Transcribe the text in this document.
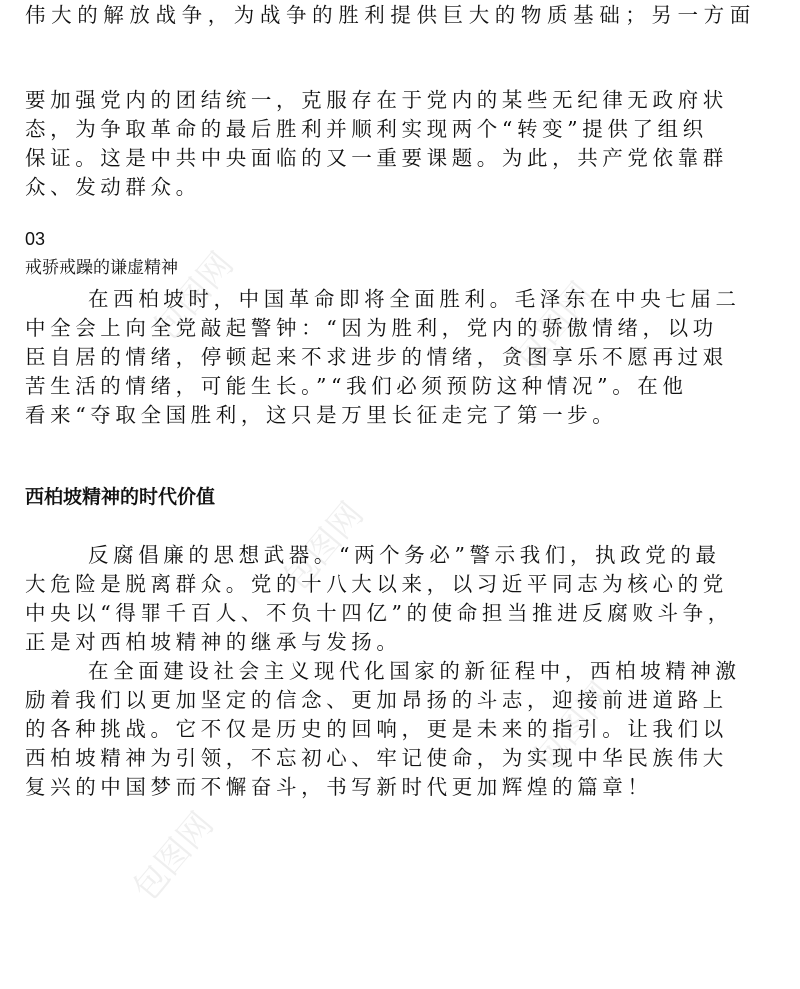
包图网	包图网
包图网
包图网
包图网
伟大的解放战争，为战争的胜利提供巨大的物质基础；另一方面
要加强党内的团结统一，克服存在于党内的某些无纪律无政府状
态，为争取革命的最后胜利并顺利实现两个“转变”提供了组织
保证。这是中共中央面临的又一重要课题。为此，共产党依靠群
众、发动群众。
03
戒骄戒躁的谦虚精神
在西柏坡时，中国革命即将全面胜利。毛泽东在中央七届二
中全会上向全党敲起警钟：“因为胜利，党内的骄傲情绪，以功
臣自居的情绪，停顿起来不求进步的情绪，贪图享乐不愿再过艰
苦生活的情绪，可能生长。”“我们必须预防这种情况”。在他
看来“夺取全国胜利，这只是万里长征走完了第一步。
西柏坡精神的时代价值
反腐倡廉的思想武器。“两个务必”警示我们，执政党的最
大危险是脱离群众。党的十八大以来，以习近平同志为核心的党
中央以“得罪千百人、不负十四亿”的使命担当推进反腐败斗争，
正是对西柏坡精神的继承与发扬。
在全面建设社会主义现代化国家的新征程中，西柏坡精神激
励着我们以更加坚定的信念、更加昂扬的斗志，迎接前进道路上
的各种挑战。它不仅是历史的回响，更是未来的指引。让我们以
西柏坡精神为引领，不忘初心、牢记使命，为实现中华民族伟大
复兴的中国梦而不懈奋斗，书写新时代更加辉煌的篇章！
